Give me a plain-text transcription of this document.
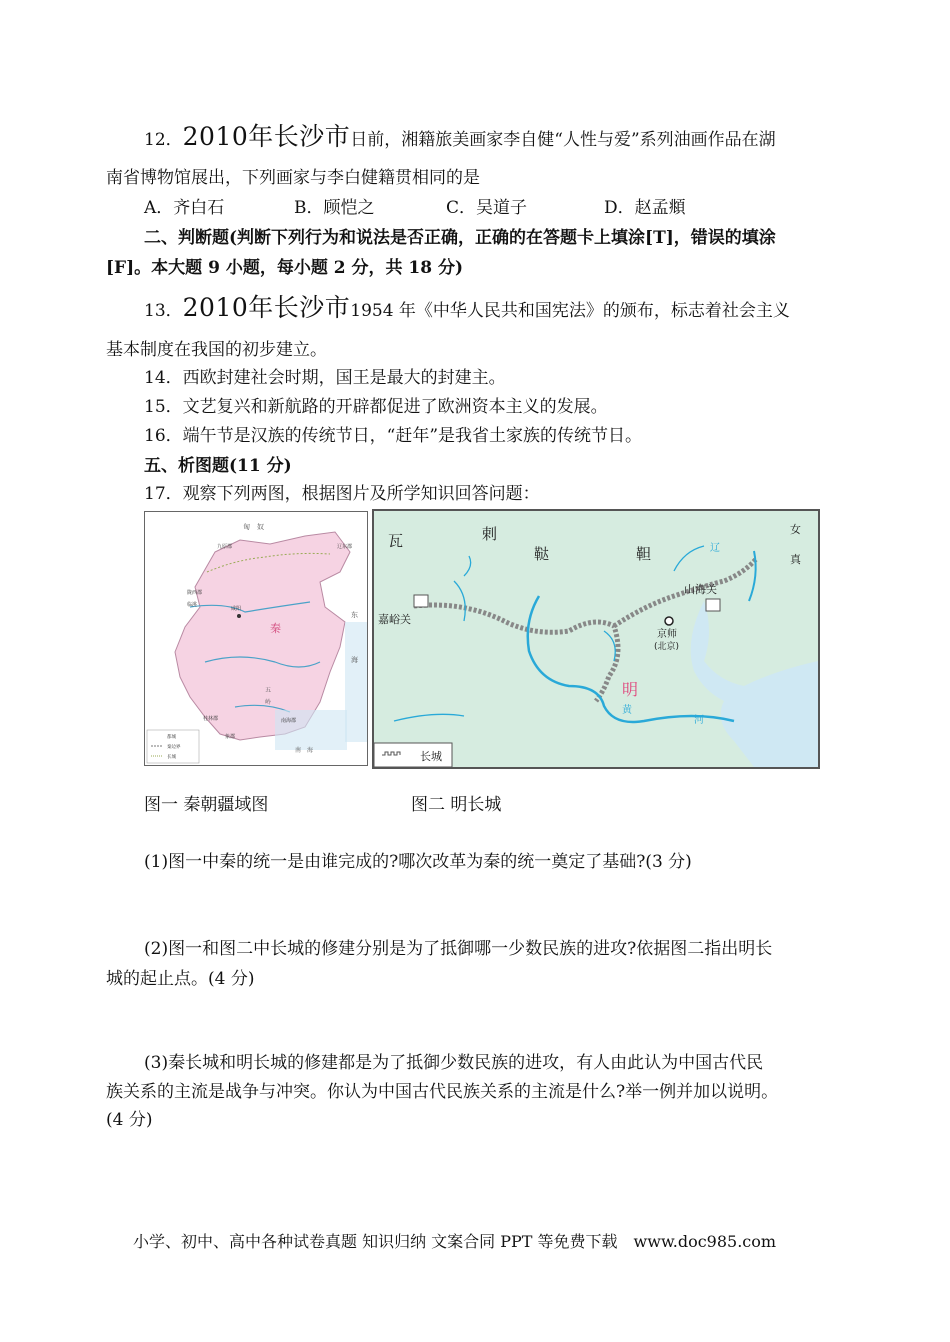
12．2010年长沙市日前，湘籍旅美画家李自健“人性与爱”系列油画作品在湖
南省博物馆展出，下列画家与李白健籍贯相同的是
A．齐白石	B．顾恺之	C．吴道子	D．赵孟頫
二、判断题(判断下列行为和说法是否正确，正确的在答题卡上填涂[T]，错误的填涂
[F]。本大题 9 小题，每小题 2 分，共 18 分)
13．2010年长沙市1954 年《中华人民共和国宪法》的颁布，标志着社会主义
基本制度在我国的初步建立。
14．西欧封建社会时期，国王是最大的封建主。
15．文艺复兴和新航路的开辟都促进了欧洲资本主义的发展。
16．端午节是汉族的传统节日，“赶年”是我省土家族的传统节日。
五、析图题(11 分)
17．观察下列两图，根据图片及所学知识回答问题：
匈　奴
九原郡	辽东郡
陇西郡
临洮
咸阳
秦
东
海
五
岭
桂林郡	南海郡
象郡
南　海
都城
秦边界
长城
瓦	剌
鞑	靼
女
真
辽
山海关
嘉峪关
京师
(北京)
明
黄
河
长城
图一 秦朝疆域图	图二 明长城
(1)图一中秦的统一是由谁完成的?哪次改革为秦的统一奠定了基础?(3 分)
(2)图一和图二中长城的修建分别是为了抵御哪一少数民族的进攻?依据图二指出明长
城的起止点。(4 分)
(3)秦长城和明长城的修建都是为了抵御少数民族的进攻，有人由此认为中国古代民
族关系的主流是战争与冲突。你认为中国古代民族关系的主流是什么?举一例并加以说明。
(4 分)
小学、初中、高中各种试卷真题 知识归纳 文案合同 PPT 等免费下载　www.doc985.com
